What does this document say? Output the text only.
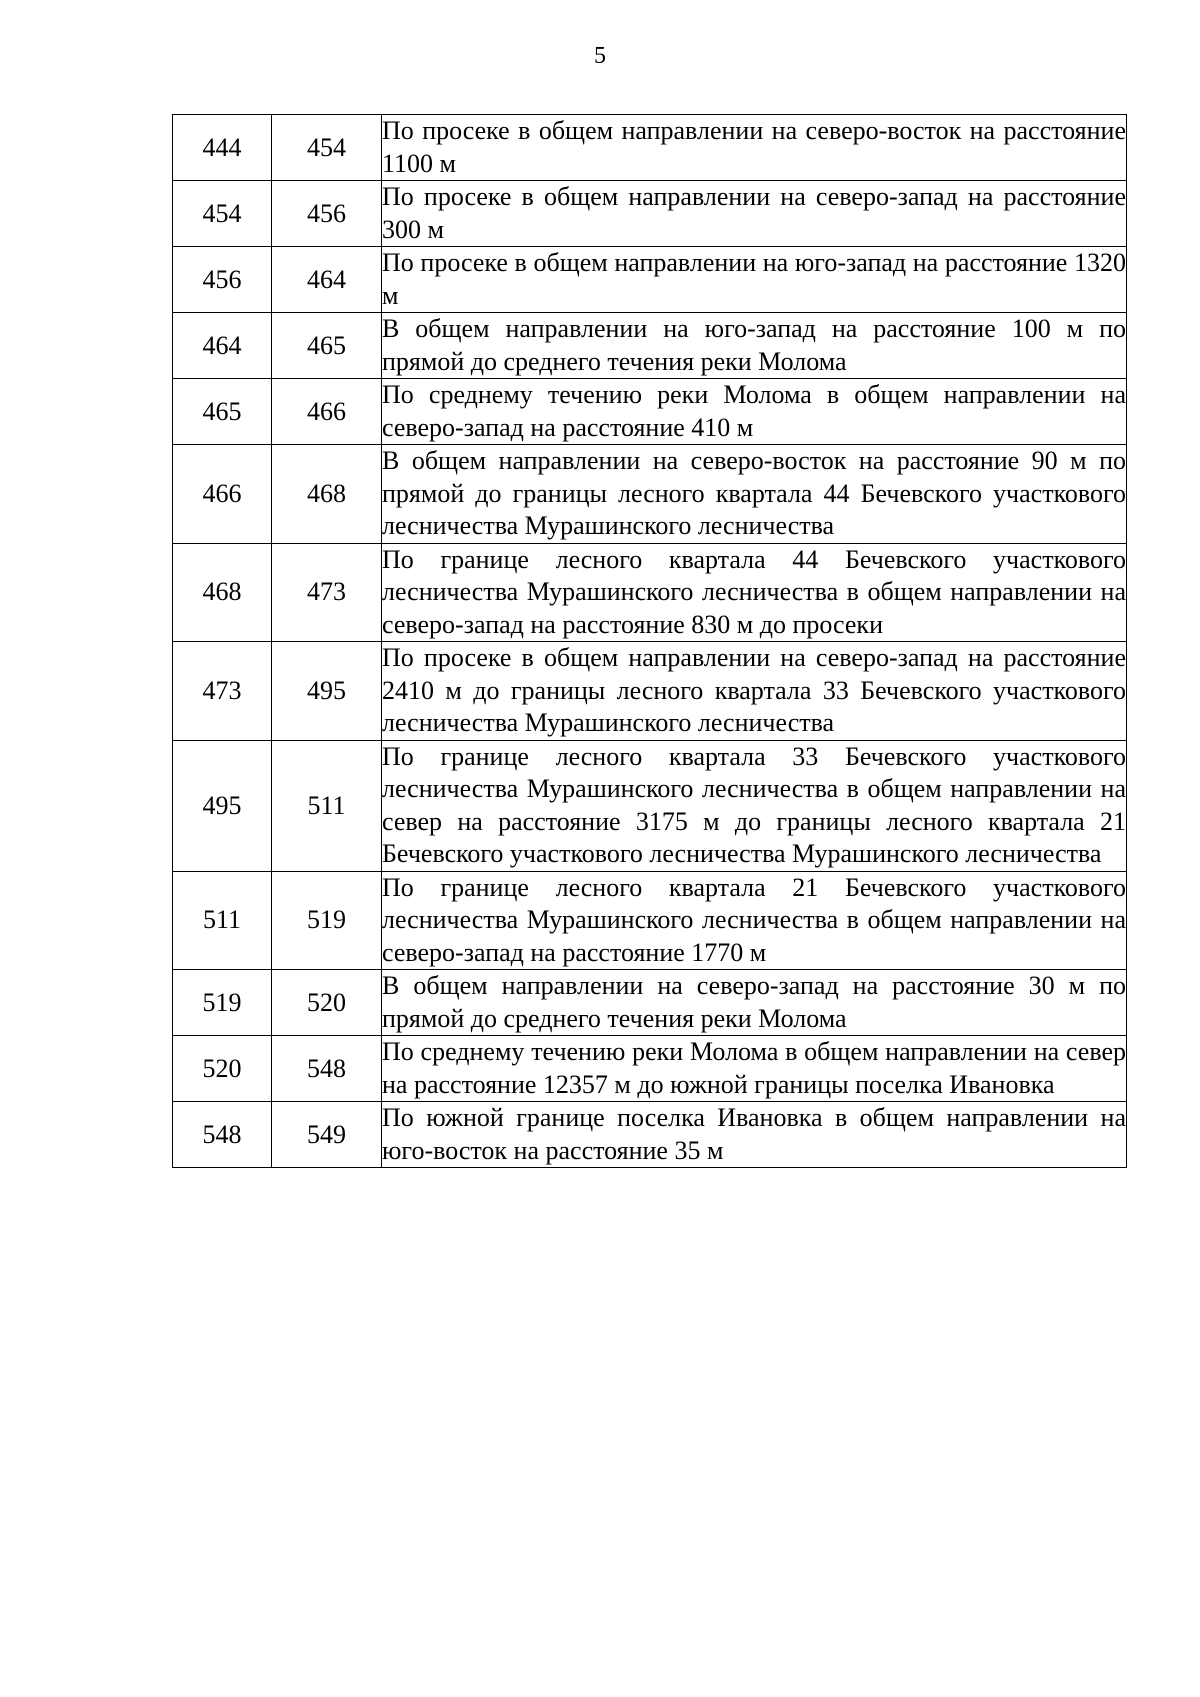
5
444	454	По просеке в общем направлении на северо-восток на расстояние 1100 м
454	456	По просеке в общем направлении на северо-запад на расстояние 300 м
456	464	По просеке в общем направлении на юго-запад на расстояние 1320 м
464	465	В общем направлении на юго-запад на расстояние 100 м по прямой до среднего течения реки Молома
465	466	По среднему течению реки Молома в общем направлении на северо-запад на расстояние 410 м
466	468	В общем направлении на северо-восток на расстояние 90 м по прямой до границы лесного квартала 44 Бечевского участкового лесничества Мурашинского лесничества
468	473	По границе лесного квартала 44 Бечевского участкового лесничества Мурашинского лесничества в общем направлении на северо-запад на расстояние 830 м до просеки
473	495	По просеке в общем направлении на северо-запад на расстояние 2410 м до границы лесного квартала 33 Бечевского участкового лесничества Мурашинского лесничества
495	511	По границе лесного квартала 33 Бечевского участкового лесничества Мурашинского лесничества в общем направлении на север на расстояние 3175 м до границы лесного квартала 21 Бечевского участкового лесничества Мурашинского лесничества
511	519	По границе лесного квартала 21 Бечевского участкового лесничества Мурашинского лесничества в общем направлении на северо-запад на расстояние 1770 м
519	520	В общем направлении на северо-запад на расстояние 30 м по прямой до среднего течения реки Молома
520	548	По среднему течению реки Молома в общем направлении на север на расстояние 12357 м до южной границы поселка Ивановка
548	549	По южной границе поселка Ивановка в общем направлении на юго-восток на расстояние 35 м
